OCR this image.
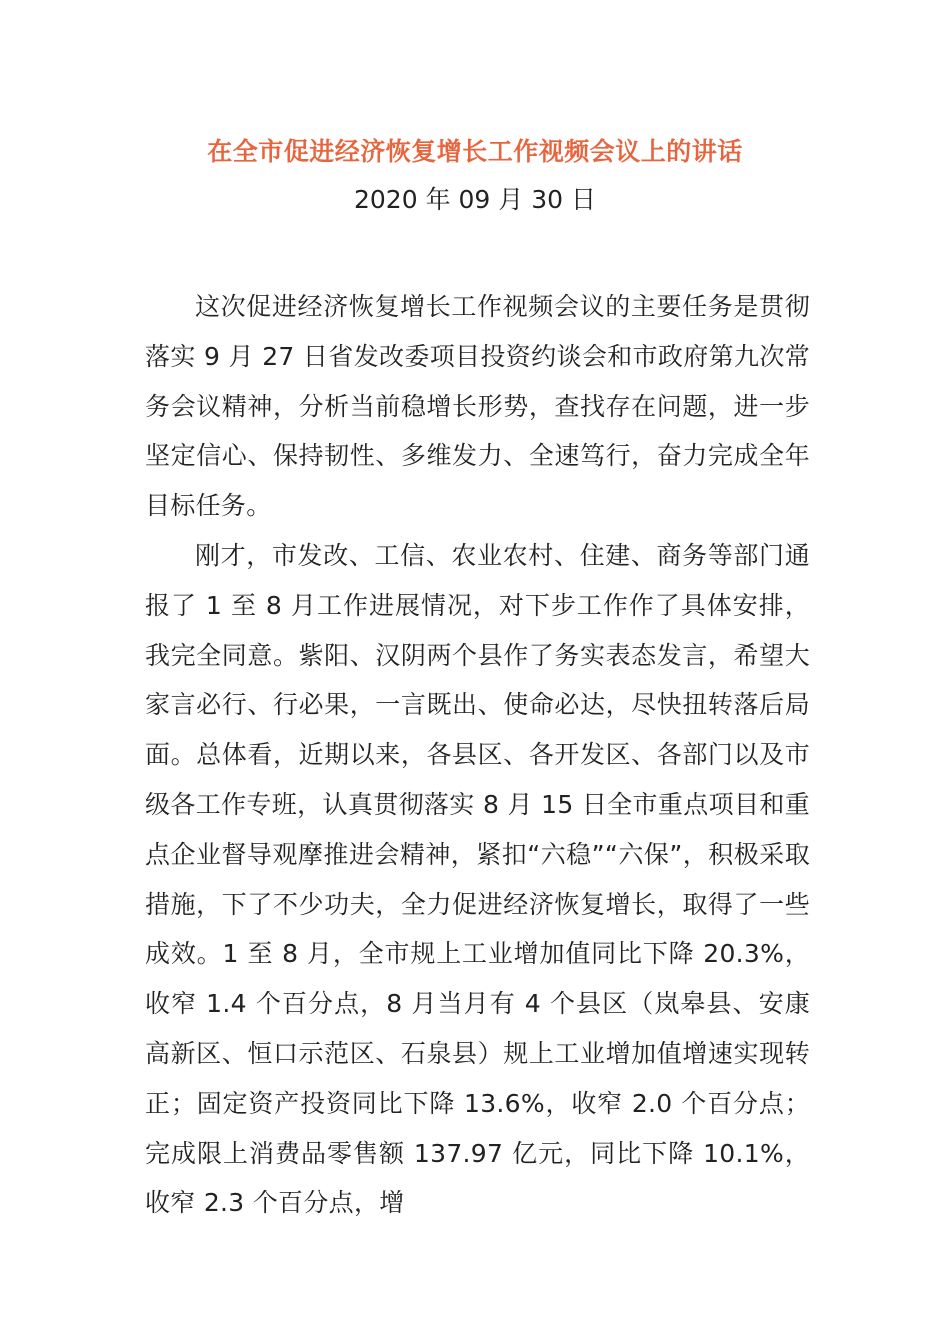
在全市促进经济恢复增长工作视频会议上的讲话
2020 年 09 月 30 日

这次促进经济恢复增长工作视频会议的主要任务是贯彻落实 9 月 27 日省发改委项目投资约谈会和市政府第九次常务会议精神，分析当前稳增长形势，查找存在问题，进一步坚定信心、保持韧性、多维发力、全速笃行，奋力完成全年目标任务。

刚才，市发改、工信、农业农村、住建、商务等部门通报了 1 至 8 月工作进展情况，对下步工作作了具体安排，我完全同意。紫阳、汉阴两个县作了务实表态发言，希望大家言必行、行必果，一言既出、使命必达，尽快扭转落后局面。总体看，近期以来，各县区、各开发区、各部门以及市级各工作专班，认真贯彻落实 8 月 15 日全市重点项目和重点企业督导观摩推进会精神，紧扣“六稳”“六保”，积极采取措施，下了不少功夫，全力促进经济恢复增长，取得了一些成效。1 至 8 月，全市规上工业增加值同比下降 20.3%，收窄 1.4 个百分点，8 月当月有 4 个县区（岚皋县、安康高新区、恒口示范区、石泉县）规上工业增加值增速实现转正；固定资产投资同比下降 13.6%，收窄 2.0 个百分点；完成限上消费品零售额 137.97 亿元，同比下降 10.1%，收窄 2.3 个百分点，增
